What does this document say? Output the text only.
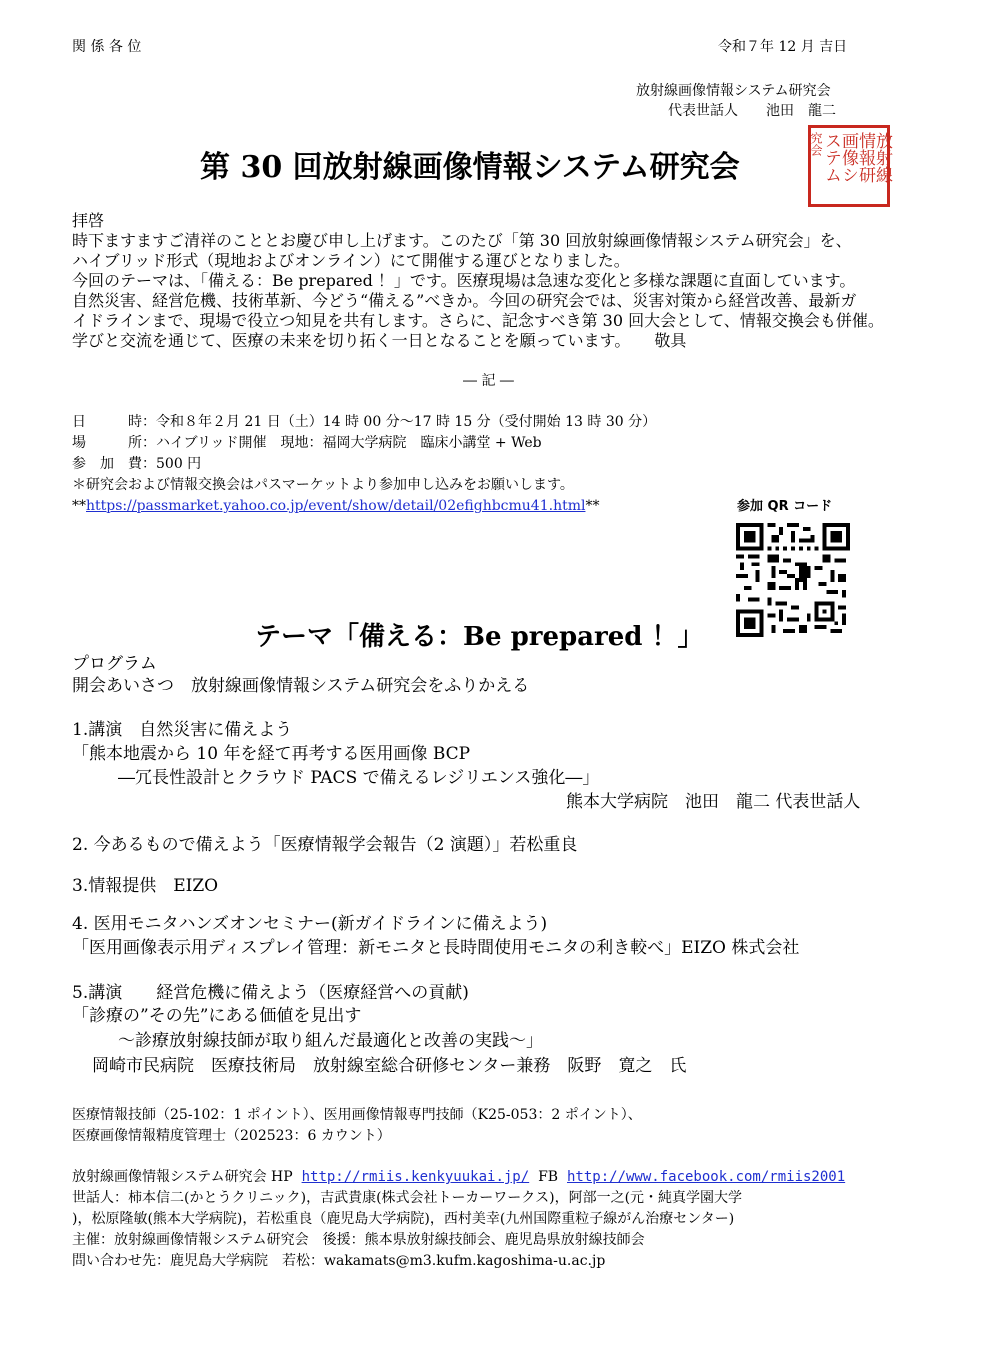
関 係 各 位	令和７年 12 月 吉日
放射線画像情報システム研究会
代表世話人　　池田　龍二
第 30 回放射線画像情報システム研究会	放射線
情報研
画像シ
ステム
究会
拝啓
時下ますますご清祥のこととお慶び申し上げます。このたび「第 30 回放射線画像情報システム研究会」を、
ハイブリッド形式（現地およびオンライン）にて開催する運びとなりました。
今回のテーマは、「備える：Be prepared ！」です。医療現場は急速な変化と多様な課題に直面しています。
自然災害、経営危機、技術革新、今どう“備える”べきか。今回の研究会では、災害対策から経営改善、最新ガ
イドラインまで、現場で役立つ知見を共有します。さらに、記念すべき第 30 回大会として、情報交換会も併催。
学びと交流を通じて、医療の未来を切り拓く一日となることを願っています。　　敬具
― 記 ―
日　　　時：令和８年２月 21 日（土）14 時 00 分～17 時 15 分（受付開始 13 時 30 分）
場　　　所：ハイブリッド開催　現地：福岡大学病院　臨床小講堂 + Web
参　加　費：500 円
＊研究会および情報交換会はパスマーケットより参加申し込みをお願いします。
**https://passmarket.yahoo.co.jp/event/show/detail/02efighbcmu41.html**	参加 QR コード
テーマ「備える：Be prepared ！」
プログラム
開会あいさつ　放射線画像情報システム研究会をふりかえる
1.講演　自然災害に備えよう
「熊本地震から 10 年を経て再考する医用画像 BCP
―冗長性設計とクラウド PACS で備えるレジリエンス強化―」
熊本大学病院　池田　龍二 代表世話人
2. 今あるもので備えよう「医療情報学会報告（2 演題）」若松重良
3.情報提供　EIZO
4. 医用モニタハンズオンセミナー(新ガイドラインに備えよう)
「医用画像表示用ディスプレイ管理：新モニタと長時間使用モニタの利き較べ」EIZO 株式会社
5.講演　　経営危機に備えよう（医療経営への貢献)
「診療の”その先”にある価値を見出す
～診療放射線技師が取り組んだ最適化と改善の実践～」
岡崎市民病院　医療技術局　放射線室総合研修センター兼務　阪野　寛之　氏
医療情報技師（25-102：1 ポイント）、医用画像情報専門技師（K25-053：2 ポイント）、
医療画像情報精度管理士（202523：6 カウント）
放射線画像情報システム研究会 HP http://rmiis.kenkyuukai.jp/ FB http://www.facebook.com/rmiis2001
世話人：柿本信二(かとうクリニック)，吉武貴康(株式会社トーカーワークス)，阿部一之(元・純真学園大学
)，松原隆敏(熊本大学病院)，若松重良（鹿児島大学病院)，西村美幸(九州国際重粒子線がん治療センター)
主催：放射線画像情報システム研究会　後援：熊本県放射線技師会、鹿児島県放射線技師会
問い合わせ先：鹿児島大学病院　若松：wakamats@m3.kufm.kagoshima-u.ac.jp
